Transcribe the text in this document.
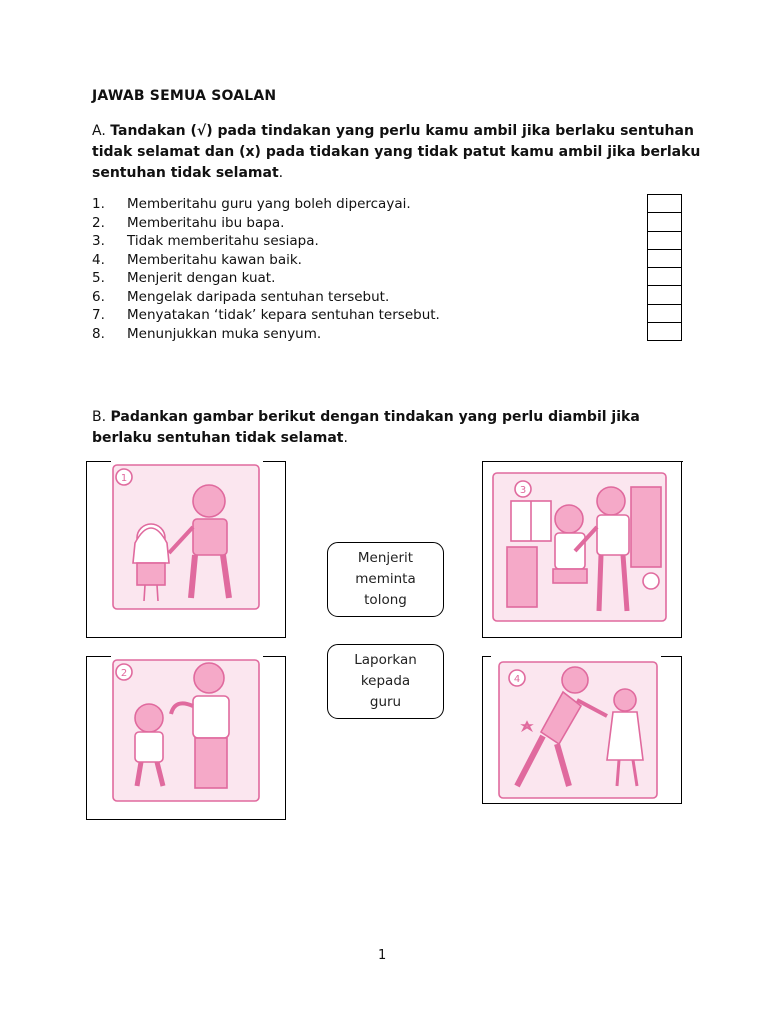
JAWAB SEMUA SOALAN
A. Tandakan (√) pada tindakan yang perlu kamu ambil jika berlaku sentuhan tidak selamat dan (x) pada tidakan yang tidak patut kamu ambil jika berlaku sentuhan tidak selamat.
1.	Memberitahu guru yang boleh dipercayai.
2.	Memberitahu ibu bapa.
3.	Tidak memberitahu sesiapa.
4.	Memberitahu kawan baik.
5.	Menjerit dengan kuat.
6.	Mengelak daripada sentuhan tersebut.
7.	Menyatakan ‘tidak’ kepara sentuhan tersebut.
8.	Menunjukkan muka senyum.
B. Padankan gambar berikut dengan tindakan yang perlu diambil jika berlaku sentuhan tidak selamat.
1
2
3
4
Menjerit
meminta
tolong
Laporkan
kepada
guru
1
